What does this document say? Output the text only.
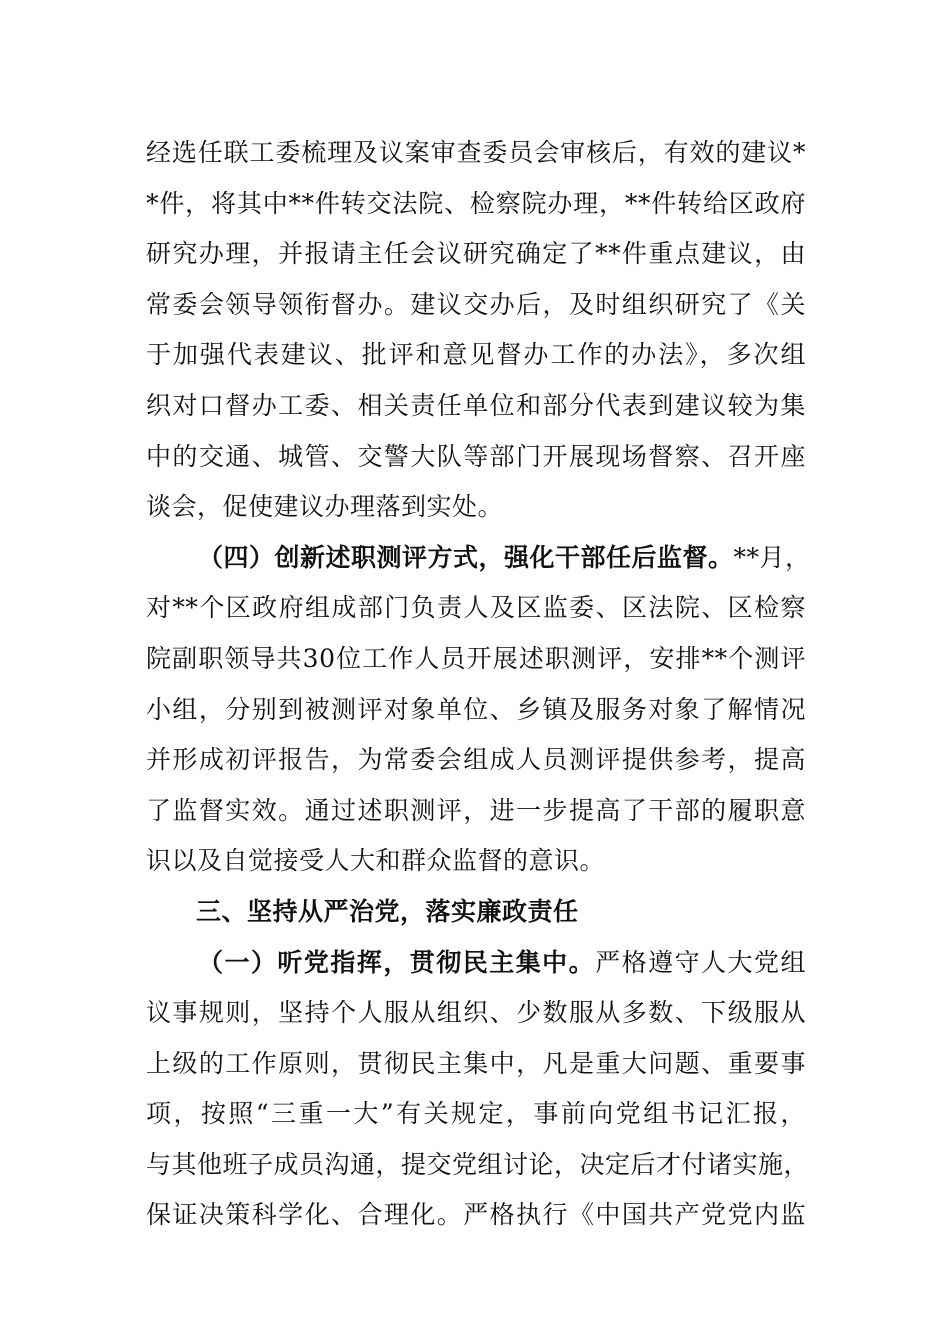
经选任联工委梳理及议案审查委员会审核后，有效的建议*
*件，将其中**件转交法院、检察院办理，**件转给区政府
研究办理，并报请主任会议研究确定了**件重点建议，由
常委会领导领衔督办。建议交办后，及时组织研究了《关
于加强代表建议、批评和意见督办工作的办法》，多次组
织对口督办工委、相关责任单位和部分代表到建议较为集
中的交通、城管、交警大队等部门开展现场督察、召开座
谈会，促使建议办理落到实处。
（四）创新述职测评方式，强化干部任后监督。**月，
对**个区政府组成部门负责人及区监委、区法院、区检察
院副职领导共30位工作人员开展述职测评，安排**个测评
小组，分别到被测评对象单位、乡镇及服务对象了解情况
并形成初评报告，为常委会组成人员测评提供参考，提高
了监督实效。通过述职测评，进一步提高了干部的履职意
识以及自觉接受人大和群众监督的意识。
三、坚持从严治党，落实廉政责任
（一）听党指挥，贯彻民主集中。严格遵守人大党组
议事规则，坚持个人服从组织、少数服从多数、下级服从
上级的工作原则，贯彻民主集中，凡是重大问题、重要事
项，按照“三重一大”有关规定，事前向党组书记汇报，
与其他班子成员沟通，提交党组讨论，决定后才付诸实施，
保证决策科学化、合理化。严格执行《中国共产党党内监
